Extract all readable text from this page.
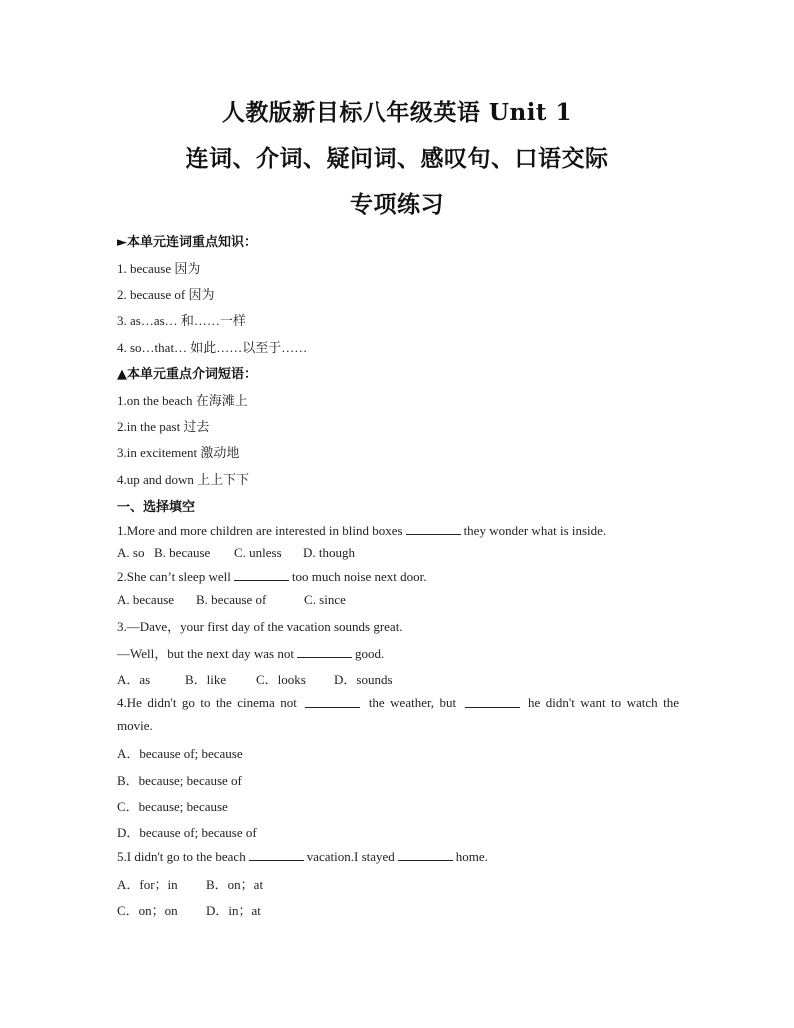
人教版新目标八年级英语 Unit 1
连词、介词、疑问词、感叹句、口语交际
专项练习
►本单元连词重点知识：
1. because 因为
2. because of 因为
3. as…as… 和……一样
4. so…that… 如此……以至于……
▲本单元重点介词短语：
1.on the beach 在海滩上
2.in the past 过去
3.in excitement 激动地
4.up and down 上上下下
一、选择填空
1.More and more children are interested in blind boxes	they wonder what is inside.
A. so B. because C. unless D. though
2.She can’t sleep well	too much noise next door.
A. because B. because of	C. since
3.—Dave，your first day of the vacation sounds great.
—Well，but the next day was not	good.
A．as	B．like C．looks D．sounds
4.He didn't go to the cinema not	the weather, but	he didn't want to watch the
movie.
A．because of; because
B．because; because of
C．because; because
D．because of; because of
5.I didn't go to the beach	vacation.I stayed	home.
A．for；in B．on；at
C．on；on D．in；at
